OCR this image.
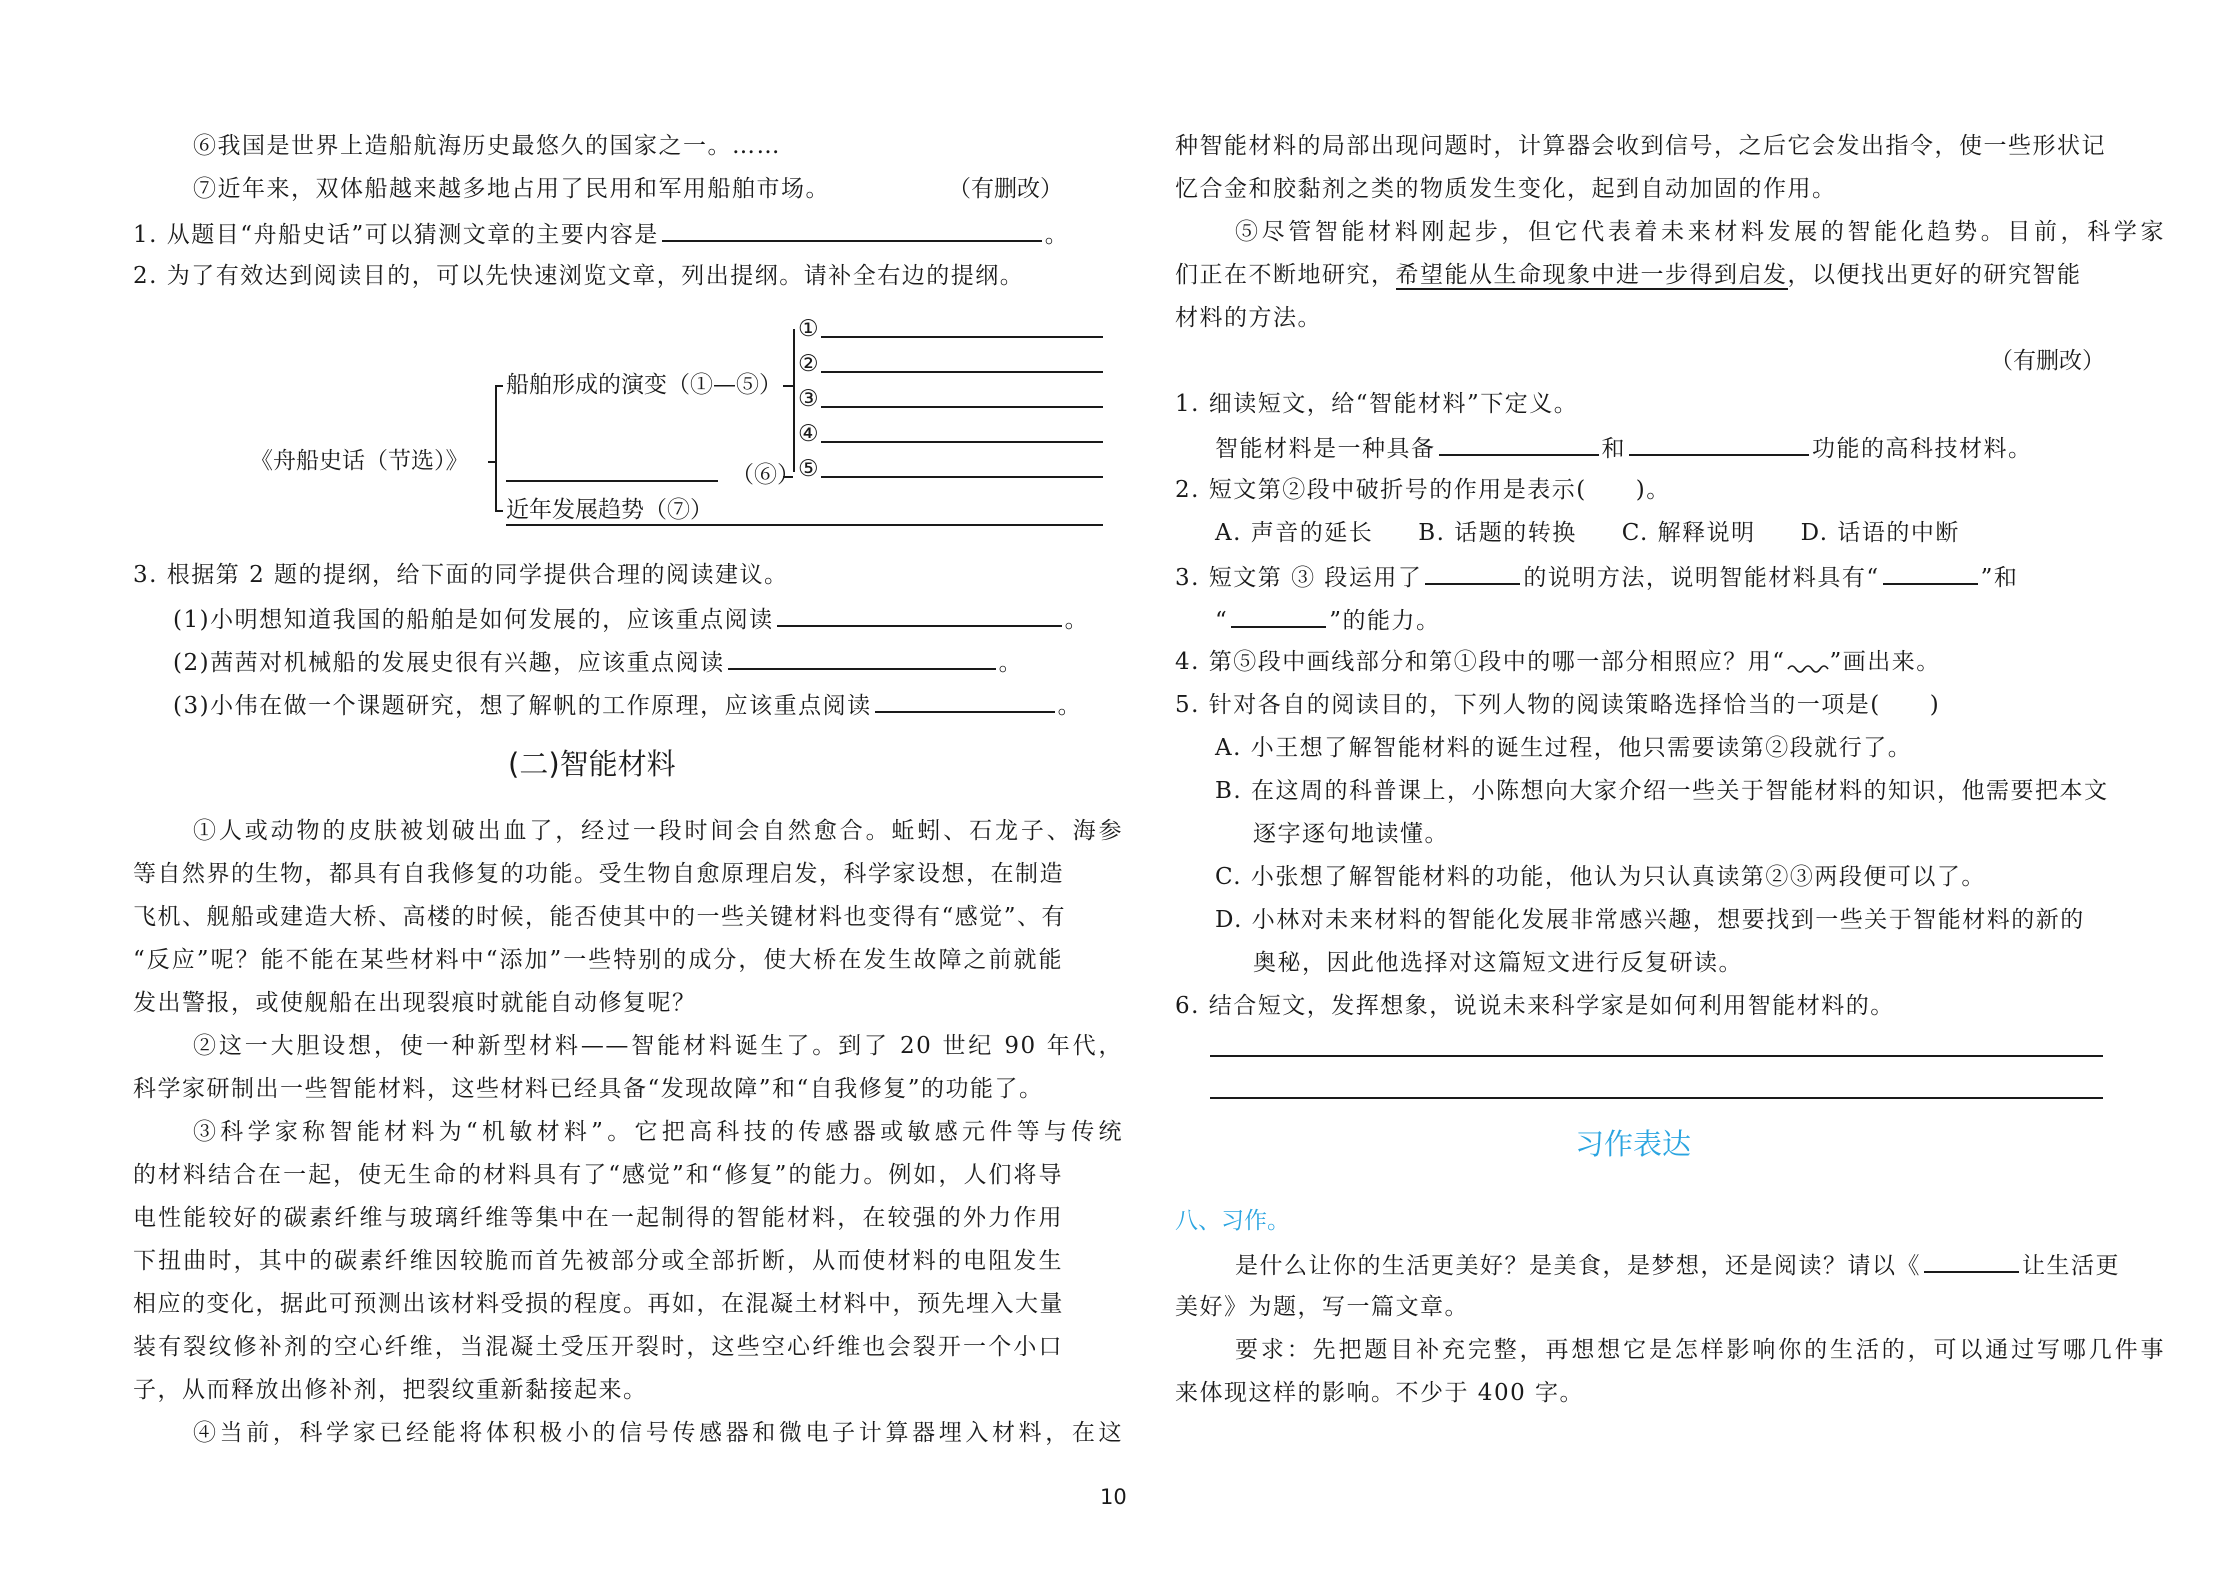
⑥我国是世界上造船航海历史最悠久的国家之一。……
⑦近年来，双体船越来越多地占用了民用和军用船舶市场。	（有删改）
1. 从题目“舟船史话”可以猜测文章的主要内容是	。
2. 为了有效达到阅读目的，可以先快速浏览文章，列出提纲。请补全右边的提纲。
《舟船史话（节选）》
船舶形成的演变（①—⑤）
（⑥）
近年发展趋势（⑦）
①
②
③
④
⑤
3. 根据第 2 题的提纲，给下面的同学提供合理的阅读建议。
(1)小明想知道我国的船舶是如何发展的，应该重点阅读	。
(2)茜茜对机械船的发展史很有兴趣，应该重点阅读	。
(3)小伟在做一个课题研究，想了解帆的工作原理，应该重点阅读	。
(二)智能材料
①人或动物的皮肤被划破出血了，经过一段时间会自然愈合。蚯蚓、石龙子、海参
等自然界的生物，都具有自我修复的功能。受生物自愈原理启发，科学家设想，在制造
飞机、舰船或建造大桥、高楼的时候，能否使其中的一些关键材料也变得有“感觉”、有
“反应”呢？能不能在某些材料中“添加”一些特别的成分，使大桥在发生故障之前就能
发出警报，或使舰船在出现裂痕时就能自动修复呢？
②这一大胆设想，使一种新型材料——智能材料诞生了。到了 20 世纪 90 年代，
科学家研制出一些智能材料，这些材料已经具备“发现故障”和“自我修复”的功能了。
③科学家称智能材料为“机敏材料”。它把高科技的传感器或敏感元件等与传统
的材料结合在一起，使无生命的材料具有了“感觉”和“修复”的能力。例如，人们将导
电性能较好的碳素纤维与玻璃纤维等集中在一起制得的智能材料，在较强的外力作用
下扭曲时，其中的碳素纤维因较脆而首先被部分或全部折断，从而使材料的电阻发生
相应的变化，据此可预测出该材料受损的程度。再如，在混凝土材料中，预先埋入大量
装有裂纹修补剂的空心纤维，当混凝土受压开裂时，这些空心纤维也会裂开一个小口
子，从而释放出修补剂，把裂纹重新黏接起来。
④当前，科学家已经能将体积极小的信号传感器和微电子计算器埋入材料，在这
种智能材料的局部出现问题时，计算器会收到信号，之后它会发出指令，使一些形状记
忆合金和胶黏剂之类的物质发生变化，起到自动加固的作用。
⑤尽管智能材料刚起步，但它代表着未来材料发展的智能化趋势。目前，科学家
们正在不断地研究，希望能从生命现象中进一步得到启发，以便找出更好的研究智能
材料的方法。
（有删改）
1. 细读短文，给“智能材料”下定义。
智能材料是一种具备	和	功能的高科技材料。
2. 短文第②段中破折号的作用是表示(　　)。
A. 声音的延长 B. 话题的转换 C. 解释说明 D. 话语的中断
3. 短文第 ③ 段运用了	的说明方法，说明智能材料具有“	”和
“	”的能力。
4. 第⑤段中画线部分和第①段中的哪一部分相照应？用“ ”画出来。
5. 针对各自的阅读目的，下列人物的阅读策略选择恰当的一项是(　　)
A. 小王想了解智能材料的诞生过程，他只需要读第②段就行了。
B. 在这周的科普课上，小陈想向大家介绍一些关于智能材料的知识，他需要把本文
逐字逐句地读懂。
C. 小张想了解智能材料的功能，他认为只认真读第②③两段便可以了。
D. 小林对未来材料的智能化发展非常感兴趣，想要找到一些关于智能材料的新的
奥秘，因此他选择对这篇短文进行反复研读。
6. 结合短文，发挥想象，说说未来科学家是如何利用智能材料的。
习作表达
八、习作。
是什么让你的生活更美好？是美食，是梦想，还是阅读？请以《	让生活更
美好》为题，写一篇文章。
要求：先把题目补充完整，再想想它是怎样影响你的生活的，可以通过写哪几件事
来体现这样的影响。不少于 400 字。
10
